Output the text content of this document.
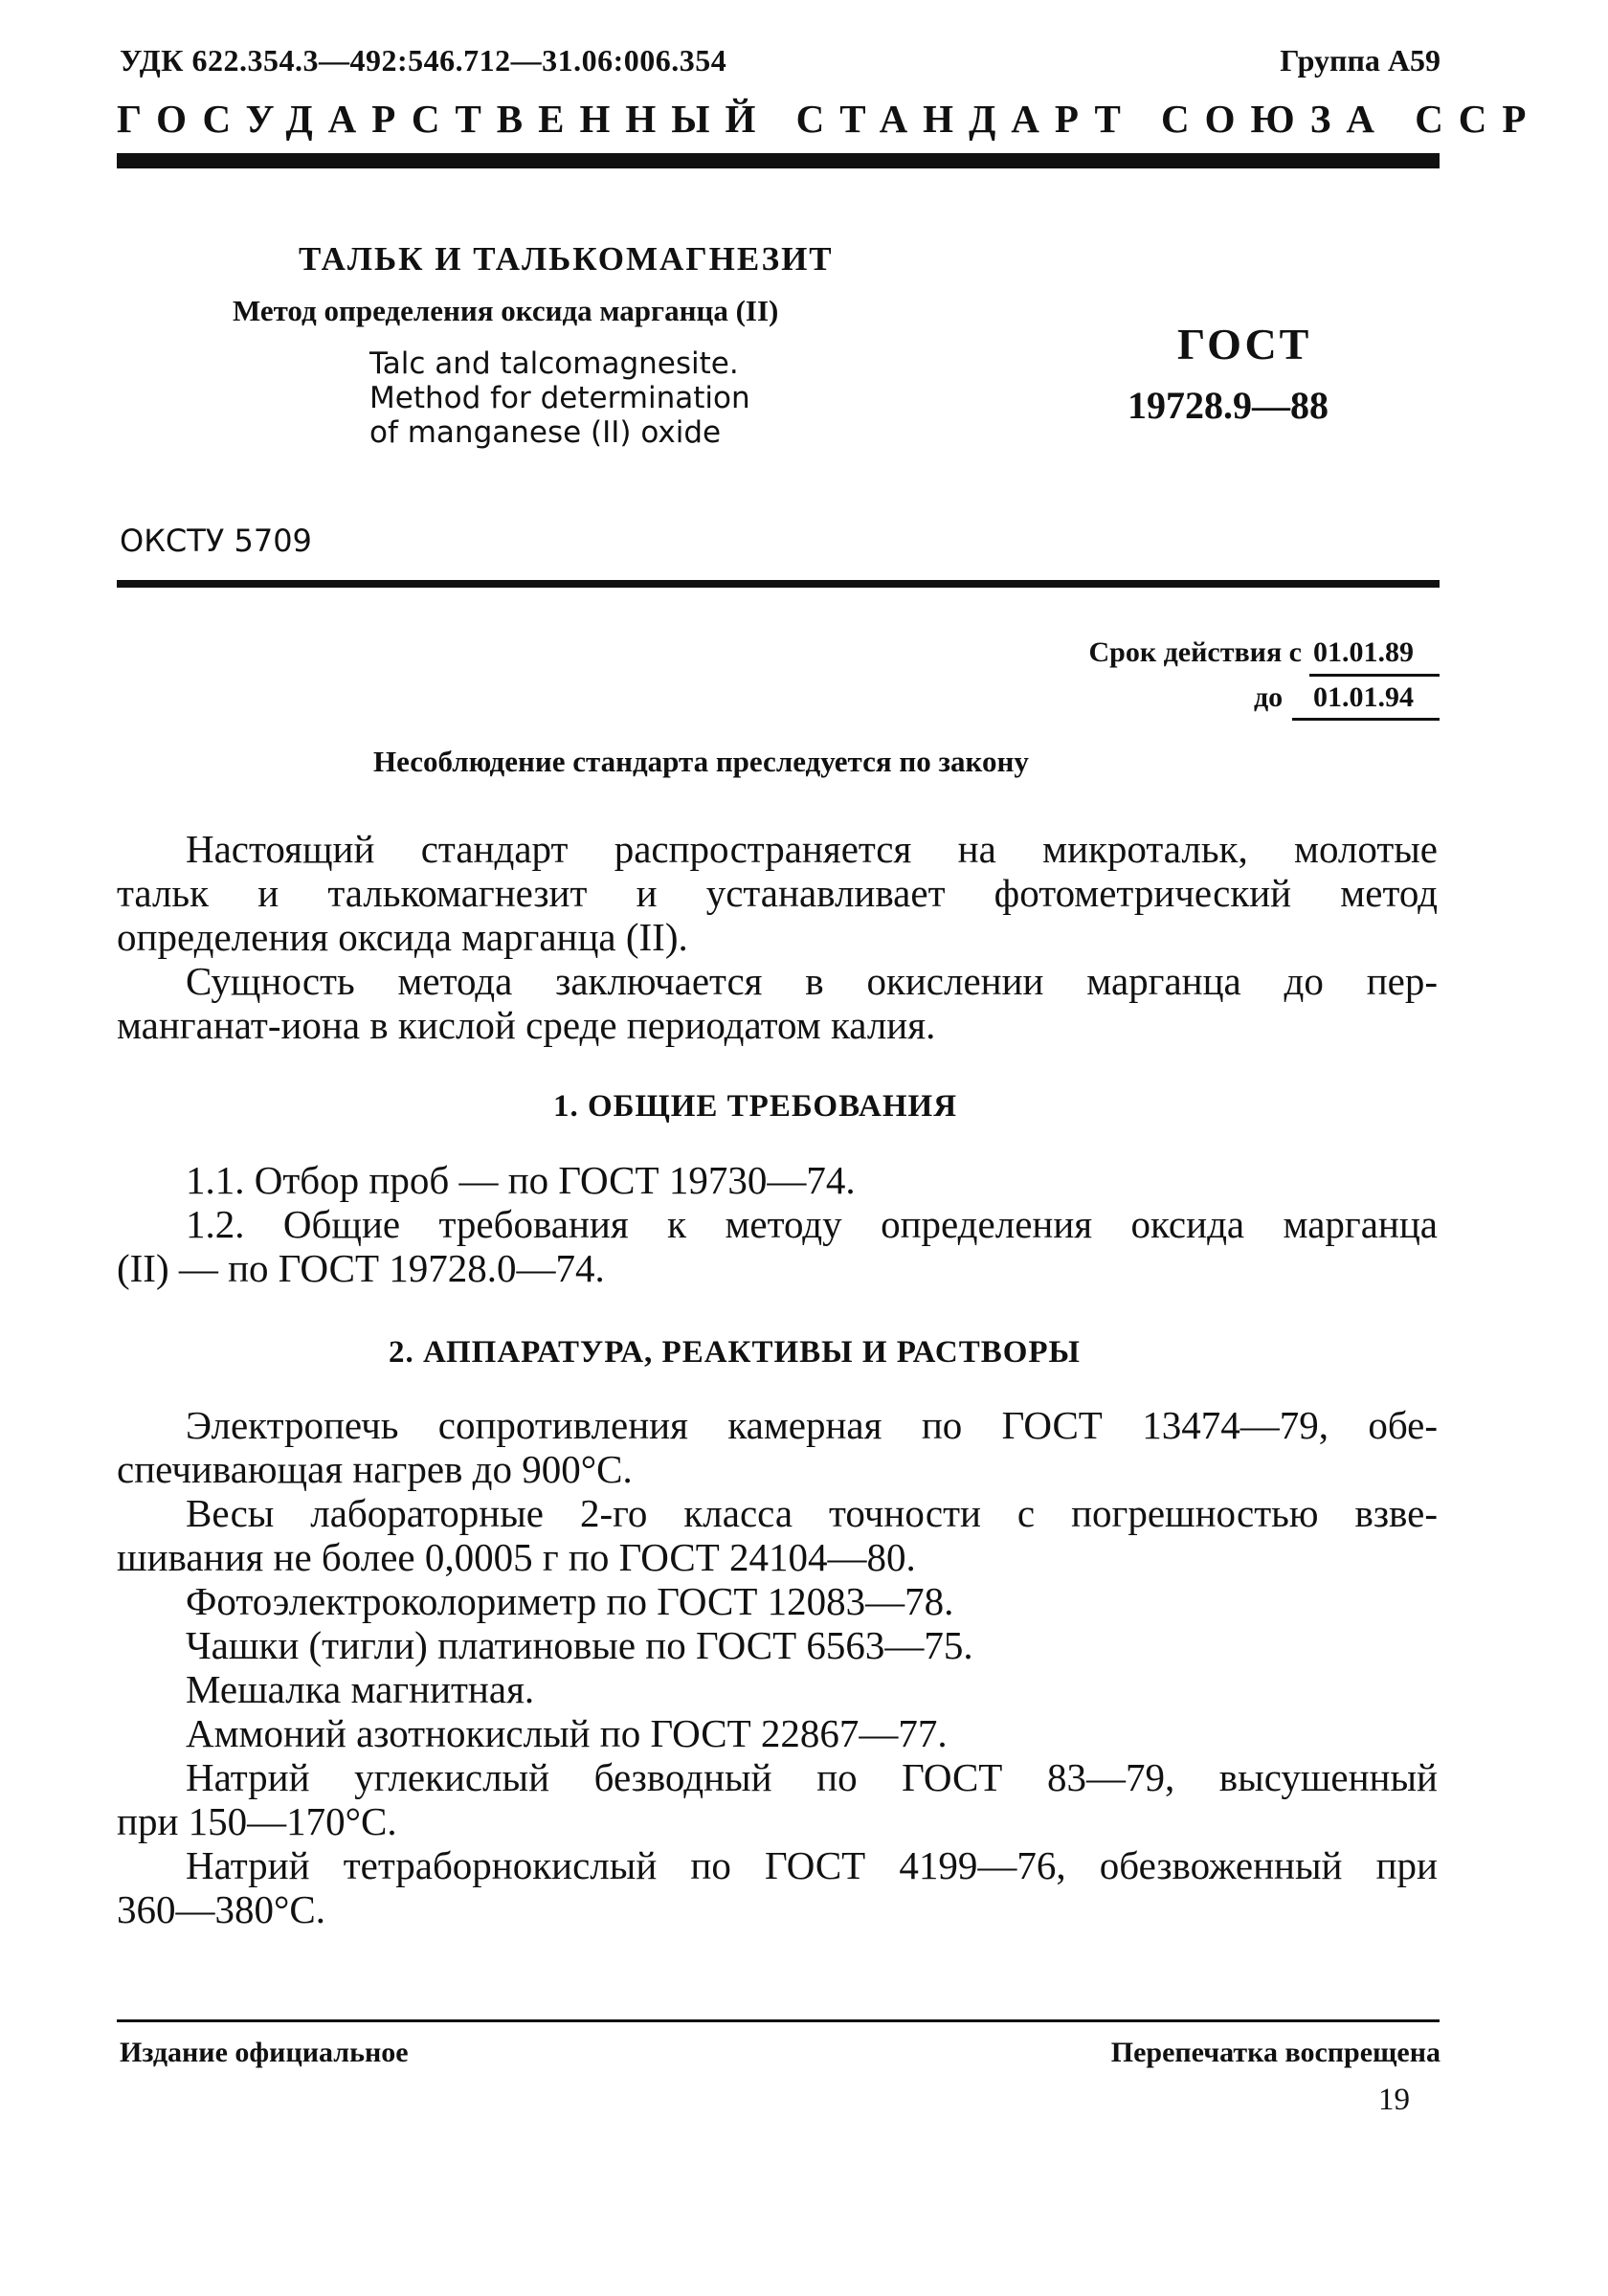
УДК 622.354.3—492:546.712—31.06:006.354	Группа А59
ГОСУДАРСТВЕННЫЙ СТАНДАРТ СОЮЗА ССР
ТАЛЬК И ТАЛЬКОМАГНЕЗИТ
Метод определения оксида марганца (II)
Talc and talcomagnesite.
Method for determination
of manganese (II) oxide
ГОСТ
19728.9—88
ОКСТУ 5709
Срок действия с 01.01.89
до 01.01.94
Несоблюдение стандарта преследуется по закону

Настоящий стандарт распространяется на микротальк, молотые

тальк и талькомагнезит и устанавливает фотометрический метод

определения оксида марганца (II).

Сущность метода заключается в окислении марганца до пер-

манганат-иона в кислой среде периодатом калия.

1. ОБЩИЕ ТРЕБОВАНИЯ

1.1. Отбор проб — по ГОСТ 19730—74.

1.2. Общие требования к методу определения оксида марганца

(II) — по ГОСТ 19728.0—74.

2. АППАРАТУРА, РЕАКТИВЫ И РАСТВОРЫ

Электропечь сопротивления камерная по ГОСТ 13474—79, обе-

спечивающая нагрев до 900°С.

Весы лабораторные 2-го класса точности с погрешностью взве-

шивания не более 0,0005 г по ГОСТ 24104—80.

Фотоэлектроколориметр по ГОСТ 12083—78.

Чашки (тигли) платиновые по ГОСТ 6563—75.

Мешалка магнитная.

Аммоний азотнокислый по ГОСТ 22867—77.

Натрий углекислый безводный по ГОСТ 83—79, высушенный

при 150—170°С.

Натрий тетраборнокислый по ГОСТ 4199—76, обезвоженный при

360—380°С.

Издание официальное	Перепечатка воспрещена
19
